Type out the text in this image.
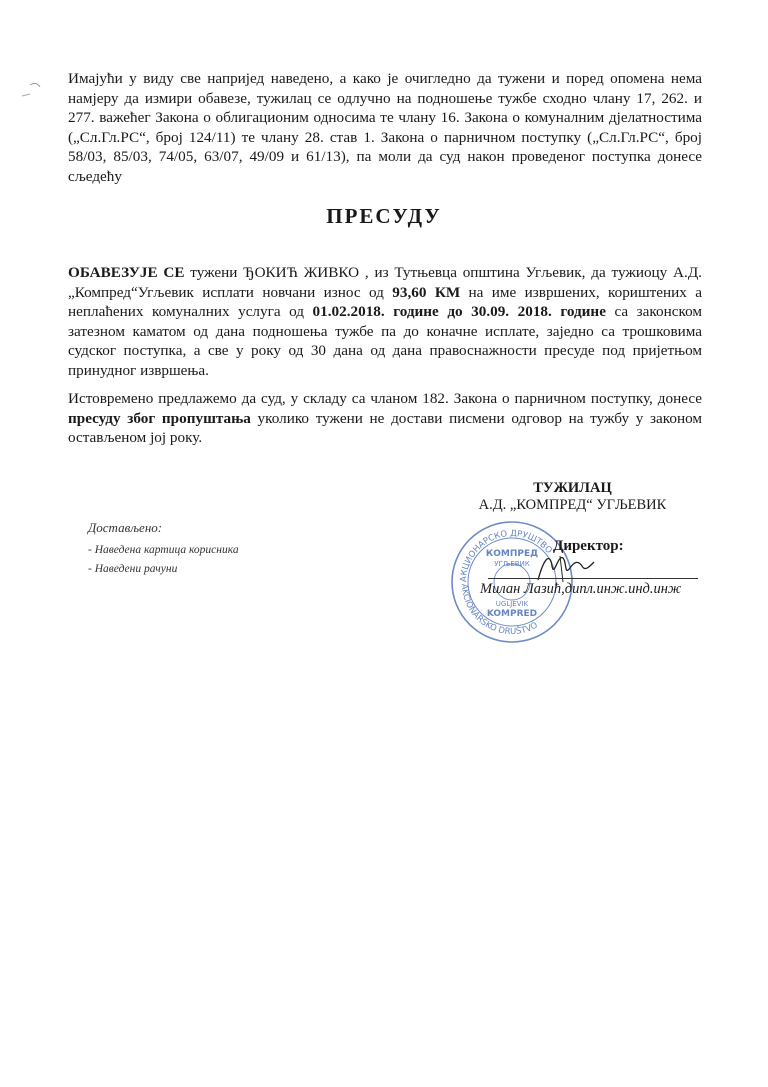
Имајући у виду све напријед наведено, а како је очигледно да тужени и поред опомена нема намјеру да измири обавезе, тужилац се одлучно на подношење тужбе сходно члану 17, 262. и 277. важећег Закона о облигационим односима те члану 16. Закона о комуналним дјелатностима („Сл.Гл.РС“, број 124/11) те члану 28. став 1. Закона о парничном поступку („Сл.Гл.РС“, број 58/03, 85/03, 74/05, 63/07, 49/09 и 61/13), па моли да суд након проведеног поступка донесе сљедећу

ПРЕСУДУ

ОБАВЕЗУЈЕ СЕ тужени ЂОКИЋ ЖИВКО , из Тутњевца општина Угљевик, да тужиоцу А.Д. „Компред“Угљевик исплати новчани износ од 93,60 КМ на име извршених, кориштених а неплаћених комуналних услуга од 01.02.2018. године до 30.09. 2018. године са законском затезном каматом од дана подношења тужбе па до коначне исплате, заједно са трошковима судског поступка, а све у року од 30 дана од дана правоснажности пресуде под пријетњом принудног извршења.

Истовремено предлажемо да суд, у складу са чланом 182. Закона о парничном поступку, донесе пресуду због пропуштања уколико тужени не достави писмени одговор на тужбу у законом остављеном јој року.

ТУЖИЛАЦ
А.Д. „КОМПРЕД“ УГЉЕВИК
Достављено:
- Наведена картица корисника
- Наведени рачуни
АКЦИОНАРСКО ДРУШТВО
AKCIONARSKO DRUŠTVO
КОМПРЕД
УГЉЕВИК
UGLJEVIK
KOMPRED
Директор:
Милан Лазић,дипл.инж.инд.инж
